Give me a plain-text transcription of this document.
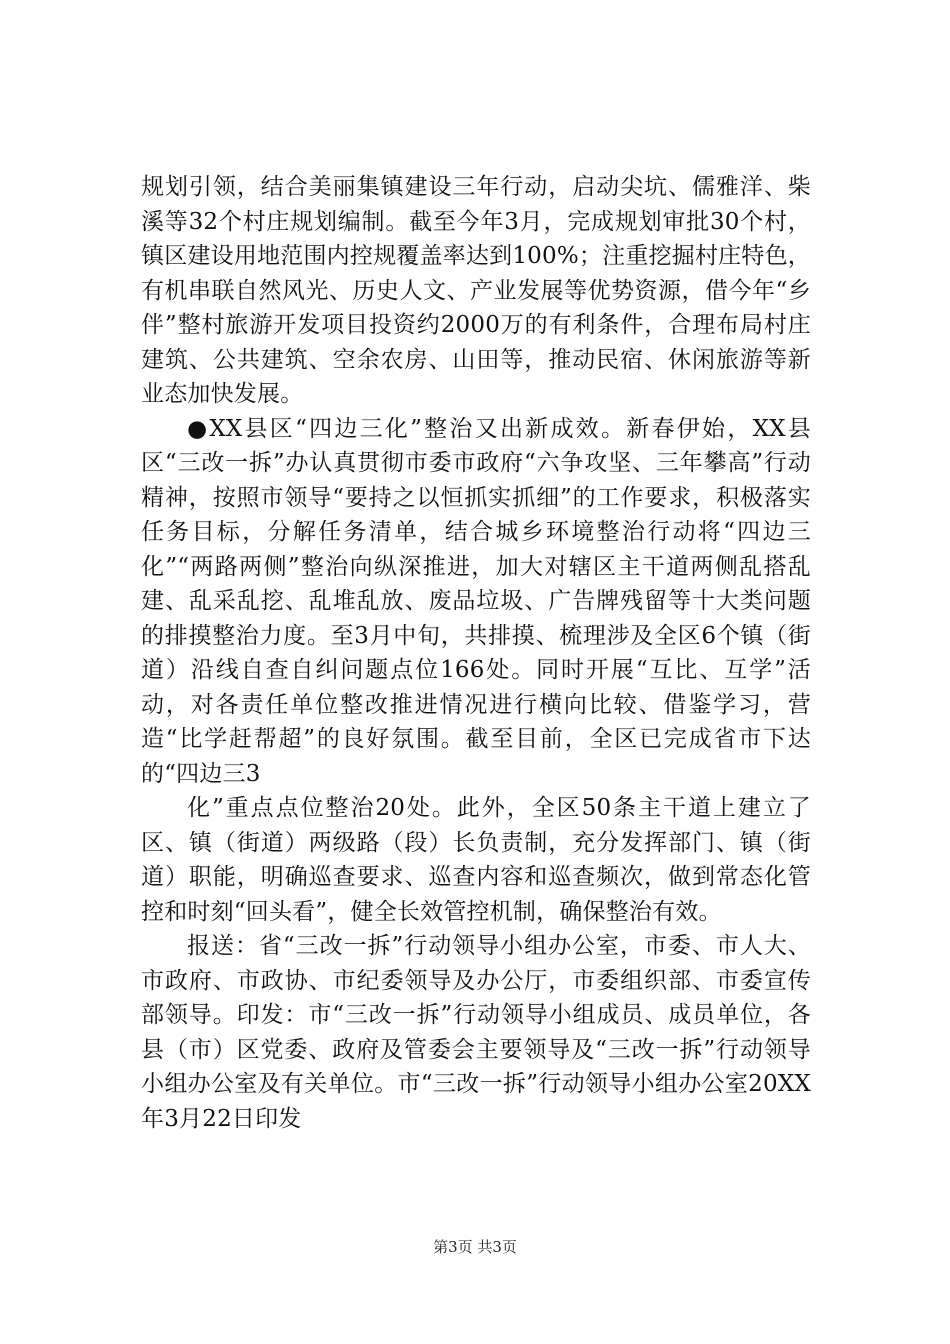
规划引领，结合美丽集镇建设三年行动，启动尖坑、儒雅洋、柴溪等32个村庄规划编制。截至今年3月，完成规划审批30个村，镇区建设用地范围内控规覆盖率达到100%；注重挖掘村庄特色，有机串联自然风光、历史人文、产业发展等优势资源，借今年“乡伴”整村旅游开发项目投资约2000万的有利条件，合理布局村庄建筑、公共建筑、空余农房、山田等，推动民宿、休闲旅游等新业态加快发展。

●XX县区“四边三化”整治又出新成效。新春伊始，XX县区“三改一拆”办认真贯彻市委市政府“六争攻坚、三年攀高”行动精神，按照市领导“要持之以恒抓实抓细”的工作要求，积极落实任务目标，分解任务清单，结合城乡环境整治行动将“四边三化”“两路两侧”整治向纵深推进，加大对辖区主干道两侧乱搭乱建、乱采乱挖、乱堆乱放、废品垃圾、广告牌残留等十大类问题的排摸整治力度。至3月中旬，共排摸、梳理涉及全区6个镇（街道）沿线自查自纠问题点位166处。同时开展“互比、互学”活动，对各责任单位整改推进情况进行横向比较、借鉴学习，营造“比学赶帮超”的良好氛围。截至目前，全区已完成省市下达的“四边三3

化”重点点位整治20处。此外，全区50条主干道上建立了区、镇（街道）两级路（段）长负责制，充分发挥部门、镇（街道）职能，明确巡查要求、巡查内容和巡查频次，做到常态化管控和时刻“回头看”，健全长效管控机制，确保整治有效。

报送：省“三改一拆”行动领导小组办公室，市委、市人大、市政府、市政协、市纪委领导及办公厅，市委组织部、市委宣传部领导。印发：市“三改一拆”行动领导小组成员、成员单位，各县（市）区党委、政府及管委会主要领导及“三改一拆”行动领导小组办公室及有关单位。市“三改一拆”行动领导小组办公室20XX年3月22日印发

第3页 共3页
